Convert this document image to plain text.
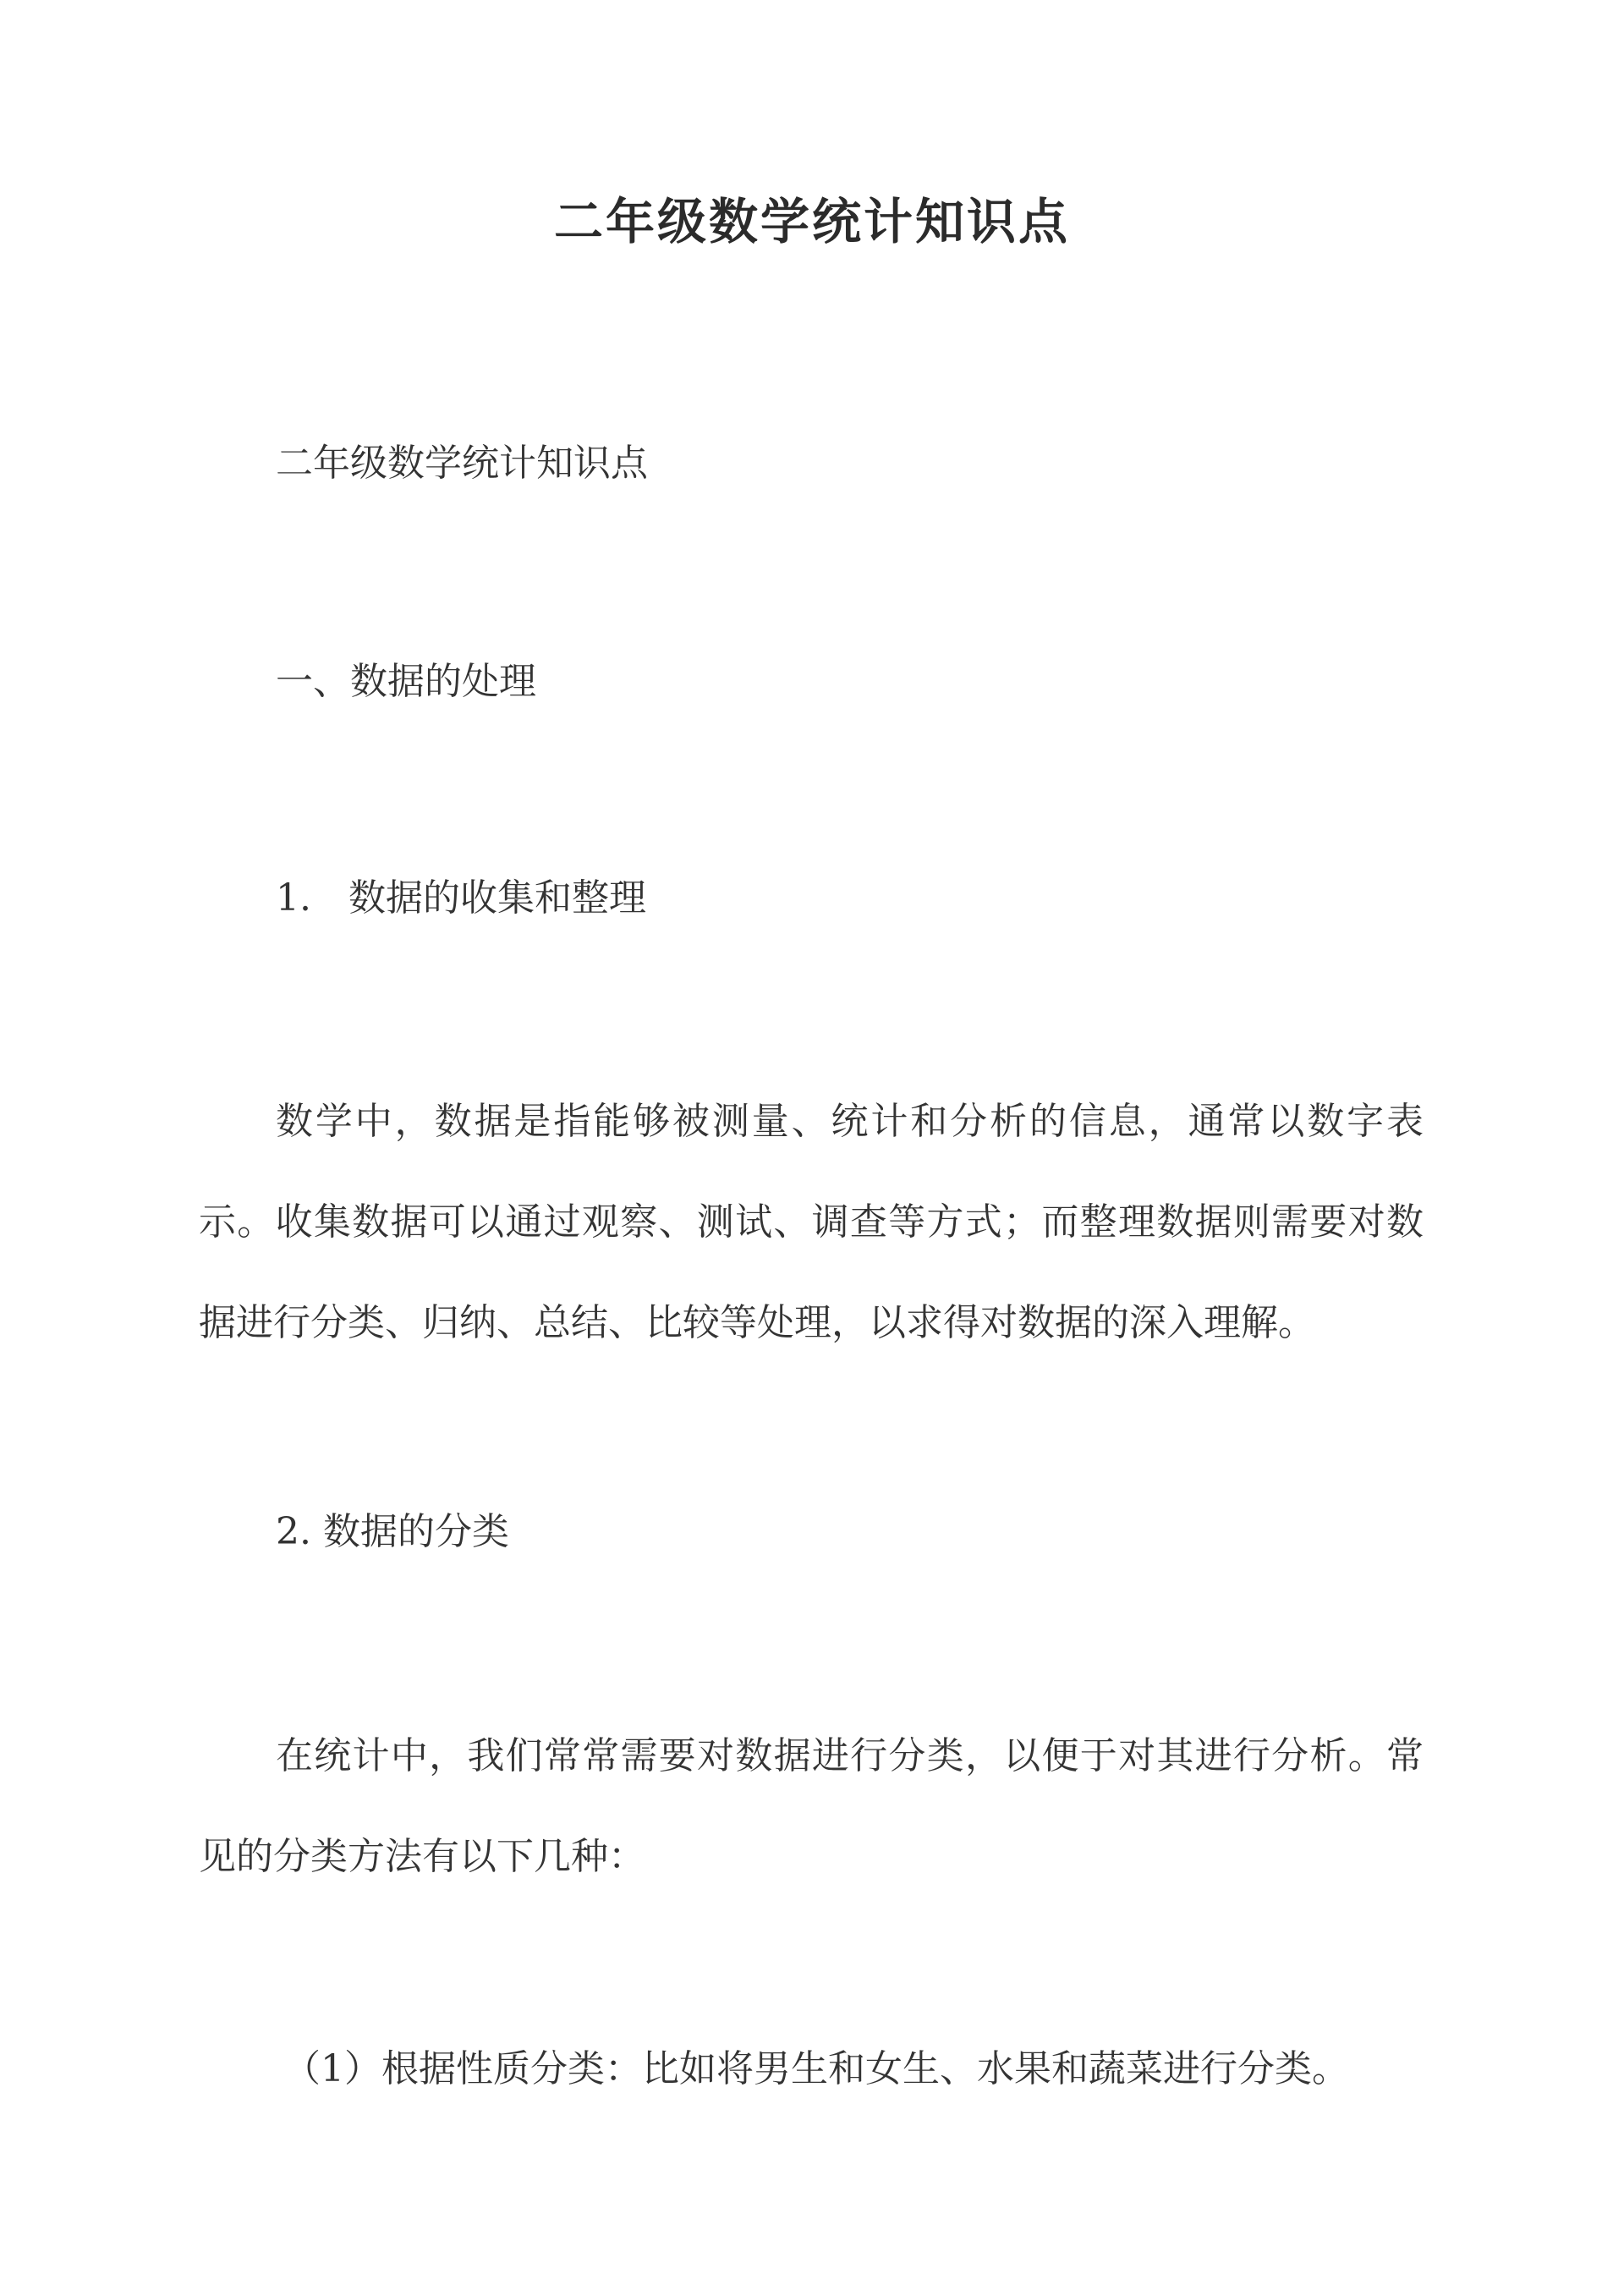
二年级数学统计知识点

二年级数学统计知识点

一、数据的处理
1.　数据的收集和整理

数学中，数据是指能够被测量、统计和分析的信息，通常以数字表示。收集数据可以通过观察、测试、调查等方式；而整理数据则需要对数据进行分类、归纳、总结、比较等处理，以求得对数据的深入理解。

2. 数据的分类

在统计中，我们常常需要对数据进行分类，以便于对其进行分析。常见的分类方法有以下几种：

（1）根据性质分类：比如将男生和女生、水果和蔬菜进行分类。
